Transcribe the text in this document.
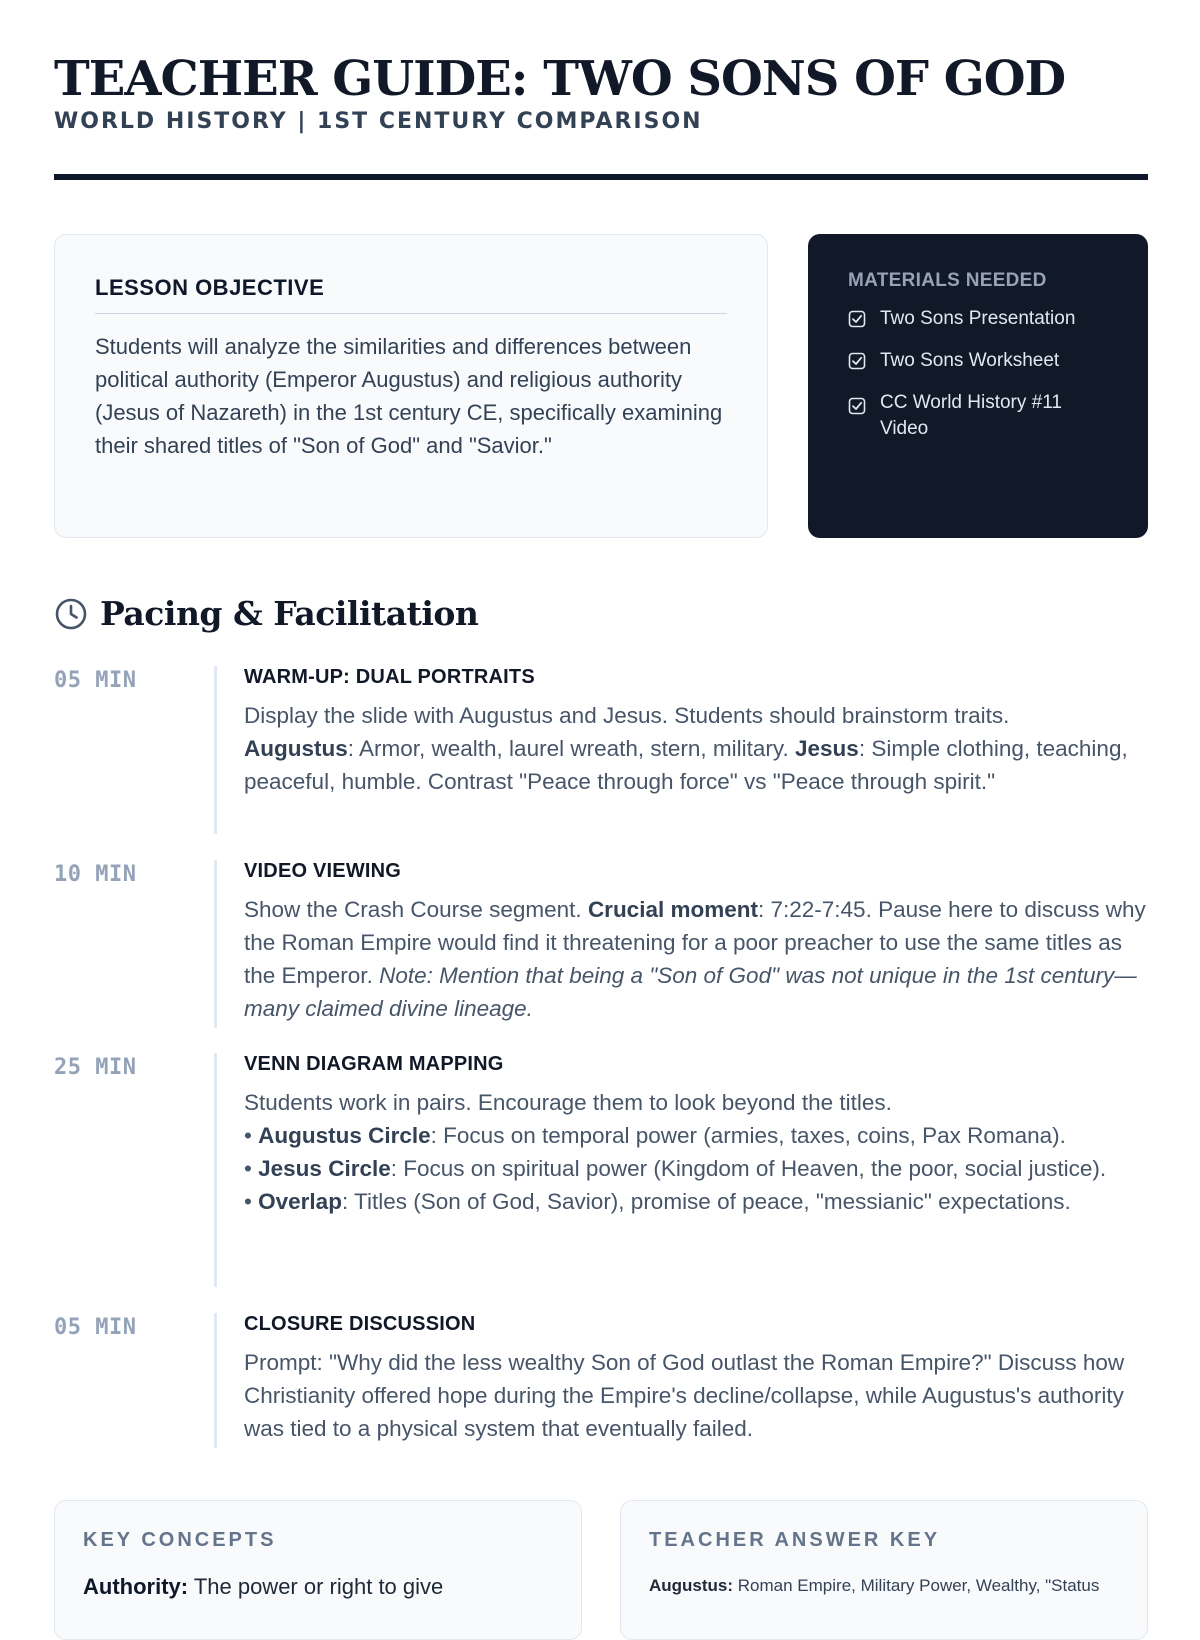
TEACHER GUIDE: TWO SONS OF GOD
WORLD HISTORY | 1ST CENTURY COMPARISON
LESSON OBJECTIVE

Students will analyze the similarities and differences between political authority (Emperor Augustus) and religious authority (Jesus of Nazareth) in the 1st century CE, specifically examining their shared titles of "Son of God" and "Savior."

MATERIALS NEEDED
Two Sons Presentation
Two Sons Worksheet
CC World History #11 Video
Pacing & Facilitation
05 MIN	WARM-UP: DUAL PORTRAITS
Display the slide with Augustus and Jesus. Students should brainstorm traits.
Augustus: Armor, wealth, laurel wreath, stern, military. Jesus: Simple clothing, teaching, peaceful, humble. Contrast "Peace through force" vs "Peace through spirit."
10 MIN	VIDEO VIEWING
Show the Crash Course segment. Crucial moment: 7:22-7:45. Pause here to discuss why the Roman Empire would find it threatening for a poor preacher to use the same titles as the Emperor. Note: Mention that being a "Son of God" was not unique in the 1st century—many claimed divine lineage.
25 MIN	VENN DIAGRAM MAPPING
Students work in pairs. Encourage them to look beyond the titles.
• Augustus Circle: Focus on temporal power (armies, taxes, coins, Pax Romana).
• Jesus Circle: Focus on spiritual power (Kingdom of Heaven, the poor, social justice).
• Overlap: Titles (Son of God, Savior), promise of peace, "messianic" expectations.
05 MIN	CLOSURE DISCUSSION
Prompt: "Why did the less wealthy Son of God outlast the Roman Empire?" Discuss how Christianity offered hope during the Empire's decline/collapse, while Augustus's authority was tied to a physical system that eventually failed.
KEY CONCEPTS
Authority: The power or right to give
TEACHER ANSWER KEY
Augustus: Roman Empire, Military Power, Wealthy, "Status
